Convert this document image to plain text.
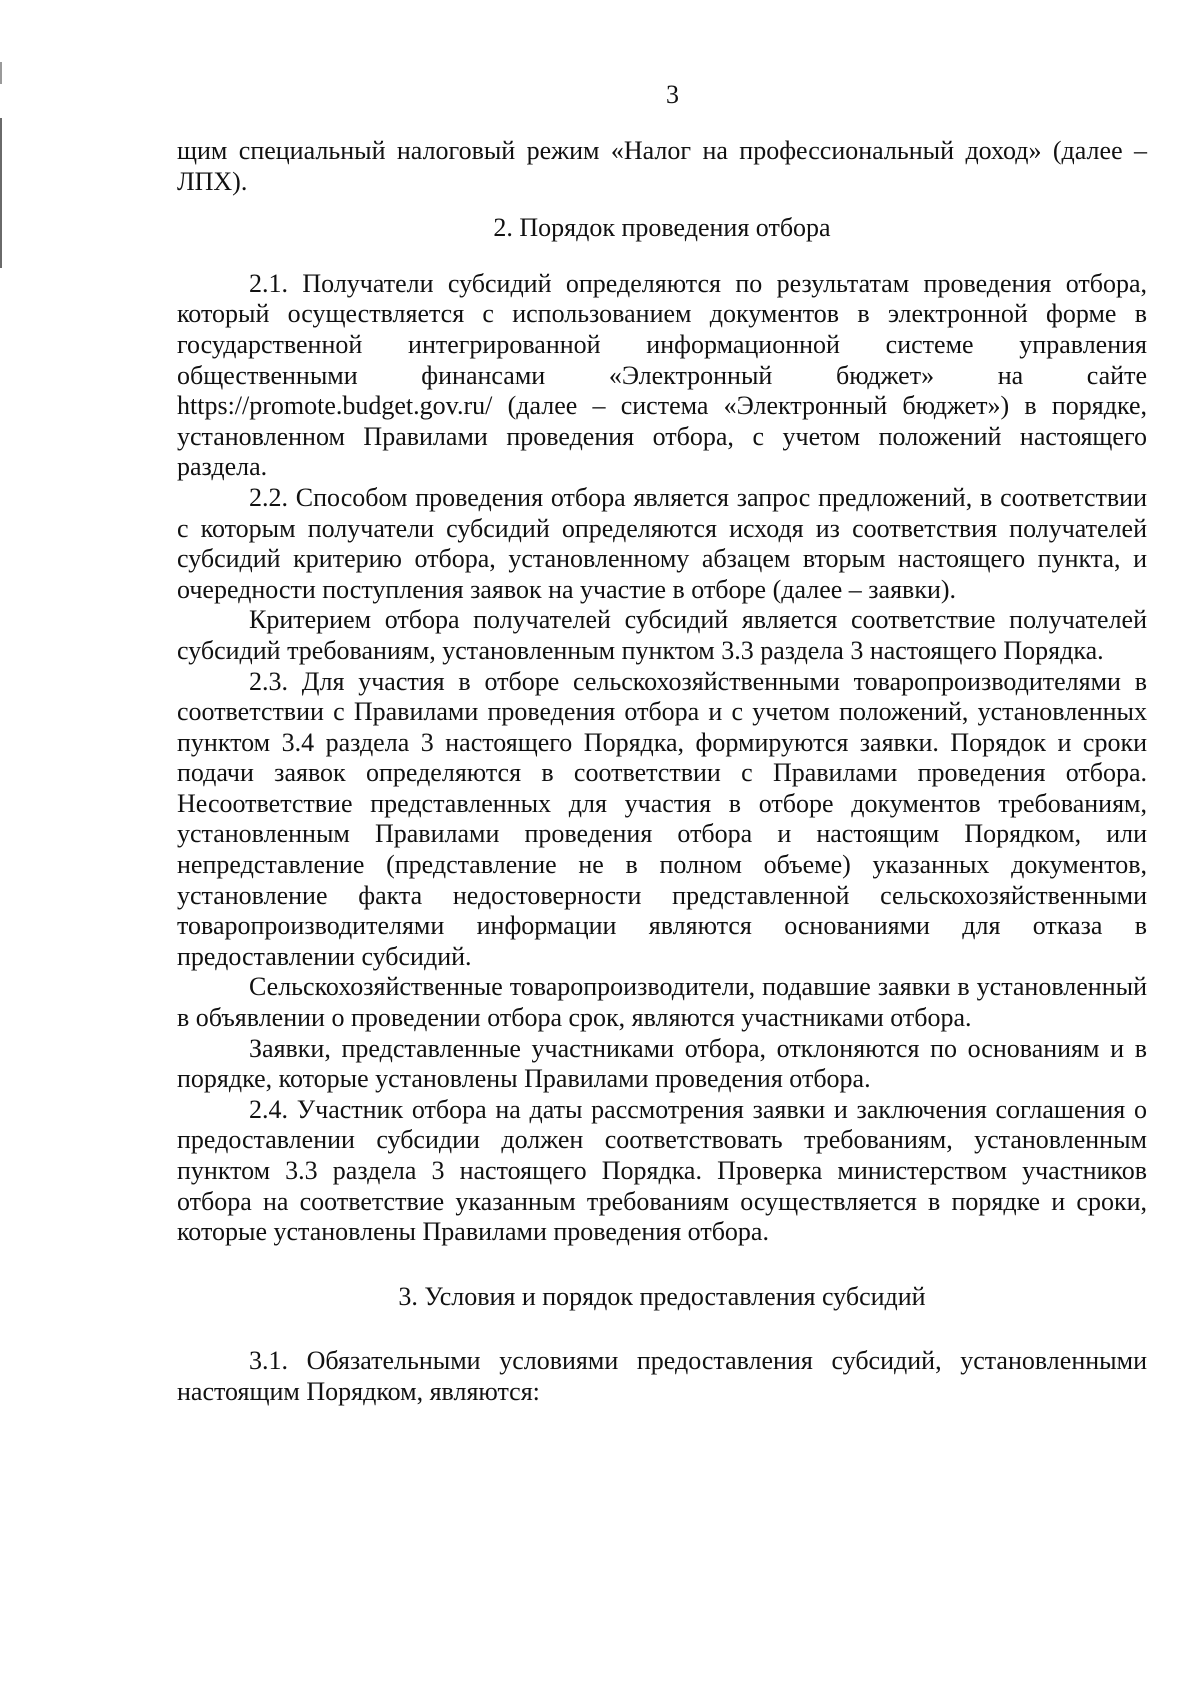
3

щим специальный налоговый режим «Налог на профессиональный доход» (далее – ЛПХ).

2. Порядок проведения отбора

2.1. Получатели субсидий определяются по результатам проведения отбора, который осуществляется с использованием документов в электронной форме в государственной интегрированной информационной системе управления общественными финансами «Электронный бюджет» на сайте https://promote.budget.gov.ru/ (далее – система «Электронный бюджет») в порядке, установленном Правилами проведения отбора, с учетом положений настоящего раздела.

2.2. Способом проведения отбора является запрос предложений, в соответствии с которым получатели субсидий определяются исходя из соответствия получателей субсидий критерию отбора, установленному абзацем вторым настоящего пункта, и очередности поступления заявок на участие в отборе (далее – заявки).

Критерием отбора получателей субсидий является соответствие получателей субсидий требованиям, установленным пунктом 3.3 раздела 3 настоящего Порядка.

2.3. Для участия в отборе сельскохозяйственными товаропроизводителями в соответствии с Правилами проведения отбора и с учетом положений, установленных пунктом 3.4 раздела 3 настоящего Порядка, формируются заявки. Порядок и сроки подачи заявок определяются в соответствии с Правилами проведения отбора. Несоответствие представленных для участия в отборе документов требованиям, установленным Правилами проведения отбора и настоящим Порядком, или непредставление (представление не в полном объеме) указанных документов, установление факта недостоверности представленной сельскохозяйственными товаропроизводителями информации являются основаниями для отказа в предоставлении субсидий.

Сельскохозяйственные товаропроизводители, подавшие заявки в установленный в объявлении о проведении отбора срок, являются участниками отбора.

Заявки, представленные участниками отбора, отклоняются по основаниям и в порядке, которые установлены Правилами проведения отбора.

2.4. Участник отбора на даты рассмотрения заявки и заключения соглашения о предоставлении субсидии должен соответствовать требованиям, установленным пунктом 3.3 раздела 3 настоящего Порядка. Проверка министерством участников отбора на соответствие указанным требованиям осуществляется в порядке и сроки, которые установлены Правилами проведения отбора.

3. Условия и порядок предоставления субсидий

3.1. Обязательными условиями предоставления субсидий, установленными настоящим Порядком, являются:
